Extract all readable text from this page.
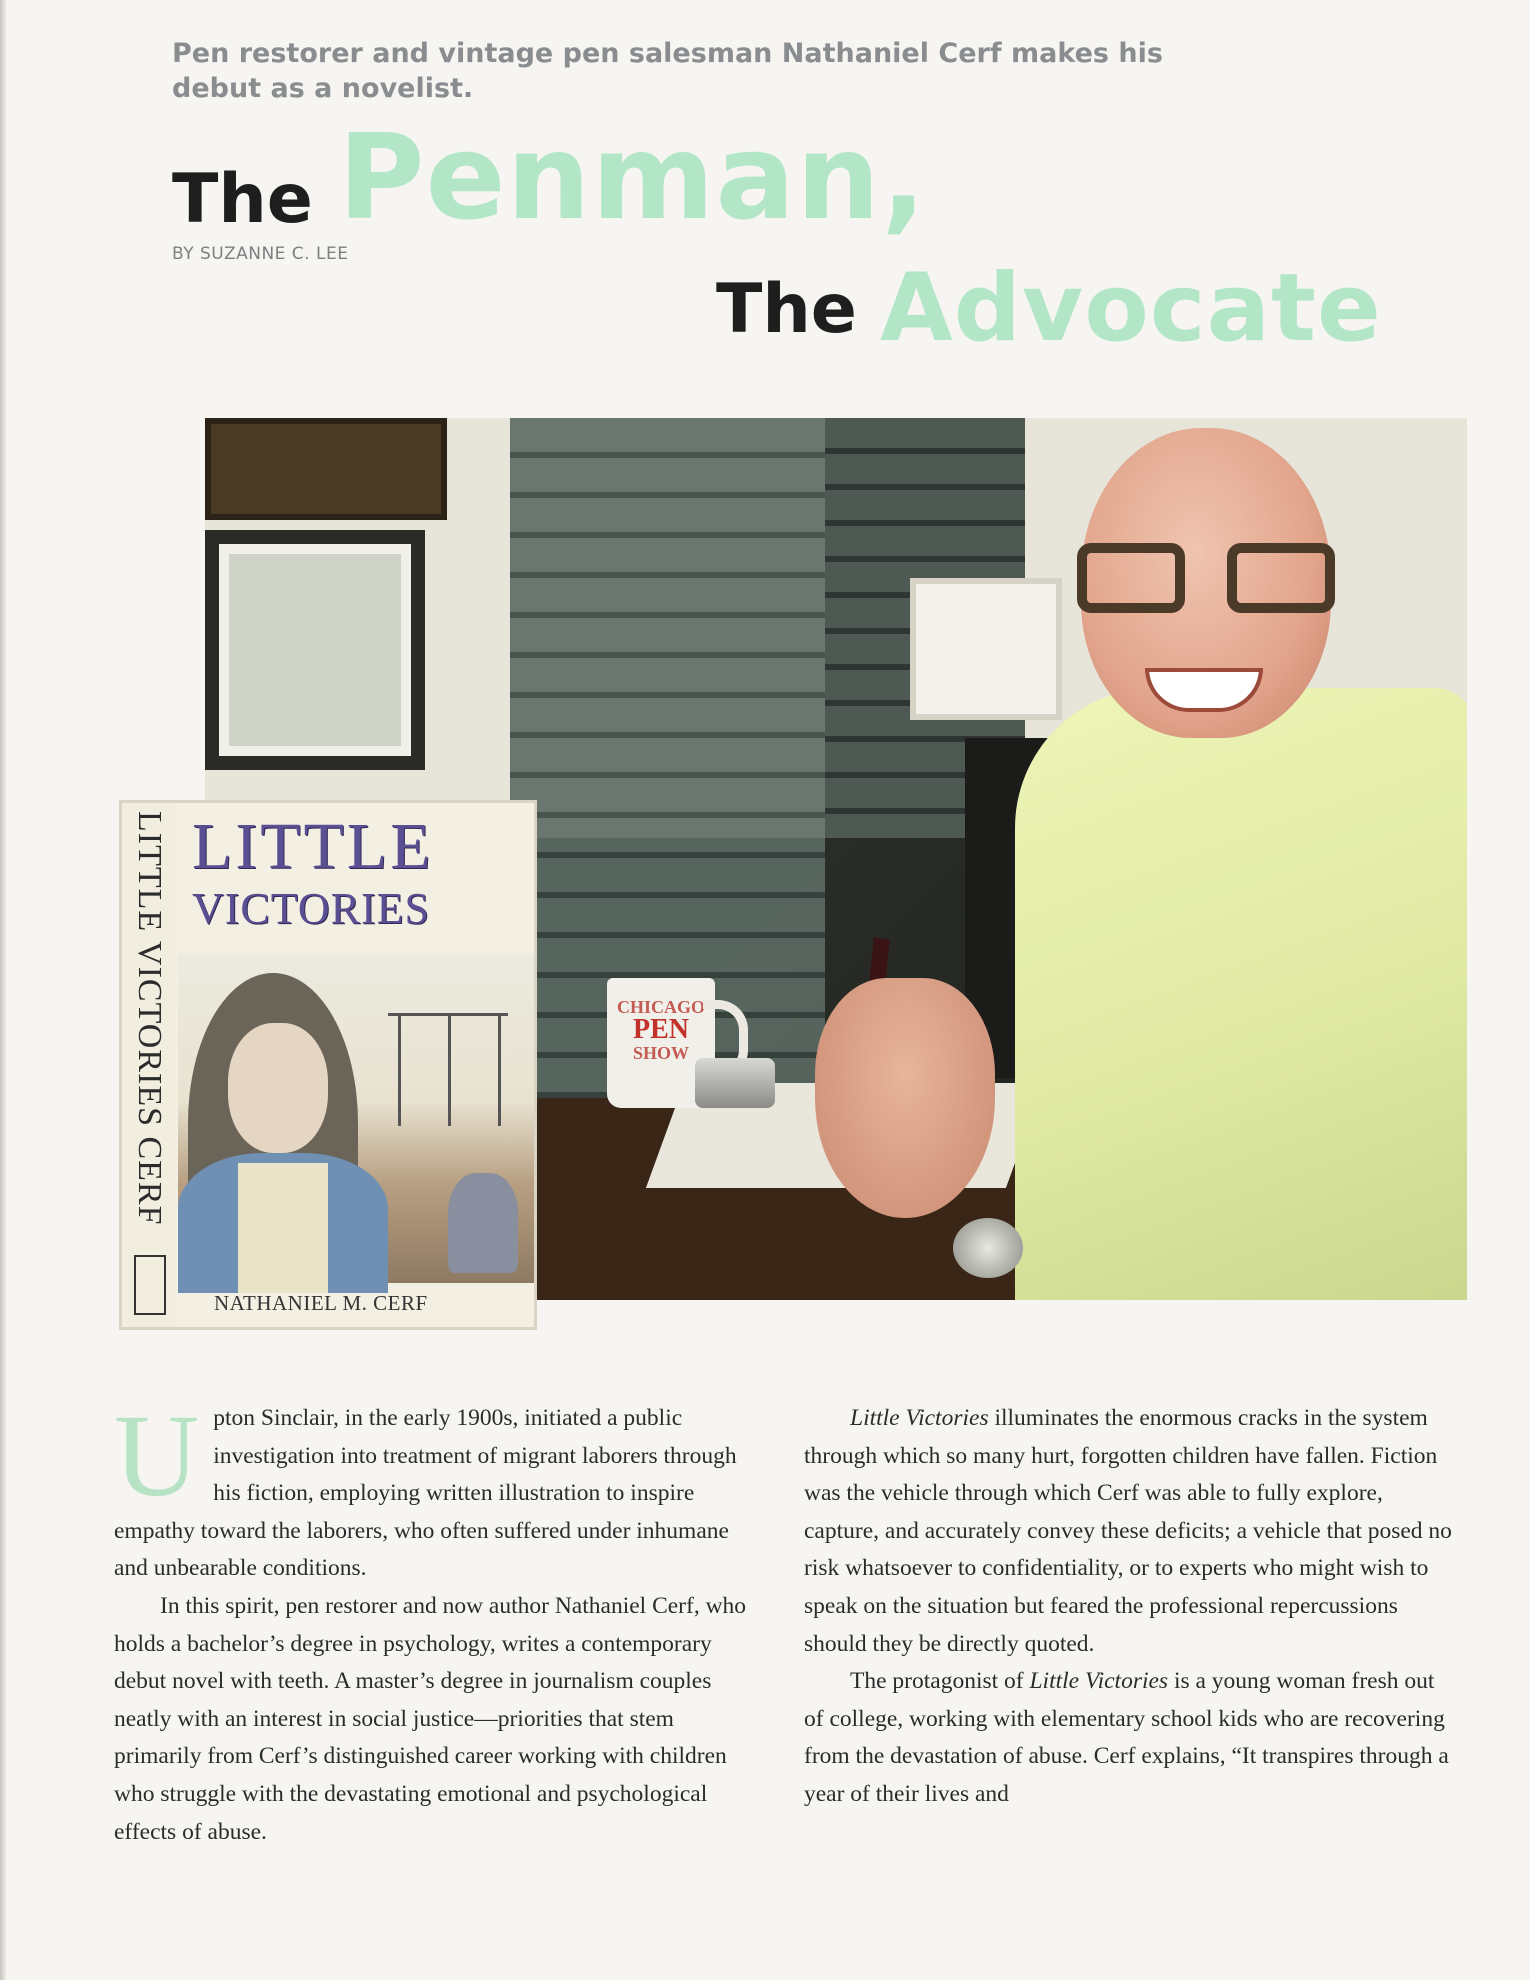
Pen restorer and vintage pen salesman Nathaniel Cerf makes his debut as a novelist.

The Penman,
BY SUZANNE C. LEE
The Advocate
CHICAGO
PEN
SHOW
LITTLE VICTORIES CERF LITTLE
VICTORIES
NATHANIEL M. CERF

Upton Sinclair, in the early 1900s, initiated a public investigation into treatment of migrant laborers through his fiction, employing written illustration to inspire empathy toward the laborers, who often suffered under inhumane and unbearable conditions.

In this spirit, pen restorer and now author Nathaniel Cerf, who holds a bachelor’s degree in psychology, writes a contemporary debut novel with teeth. A master’s degree in journalism couples neatly with an interest in social justice—priorities that stem primarily from Cerf’s distinguished career working with children who struggle with the devastating emotional and psychological effects of abuse.

Little Victories illuminates the enormous cracks in the system through which so many hurt, forgotten children have fallen. Fiction was the vehicle through which Cerf was able to fully explore, capture, and accurately convey these deficits; a vehicle that posed no risk whatsoever to confidentiality, or to experts who might wish to speak on the situation but feared the professional repercussions should they be directly quoted.

The protagonist of Little Victories is a young woman fresh out of college, working with elementary school kids who are recovering from the devastation of abuse. Cerf explains, “It transpires through a year of their lives and
